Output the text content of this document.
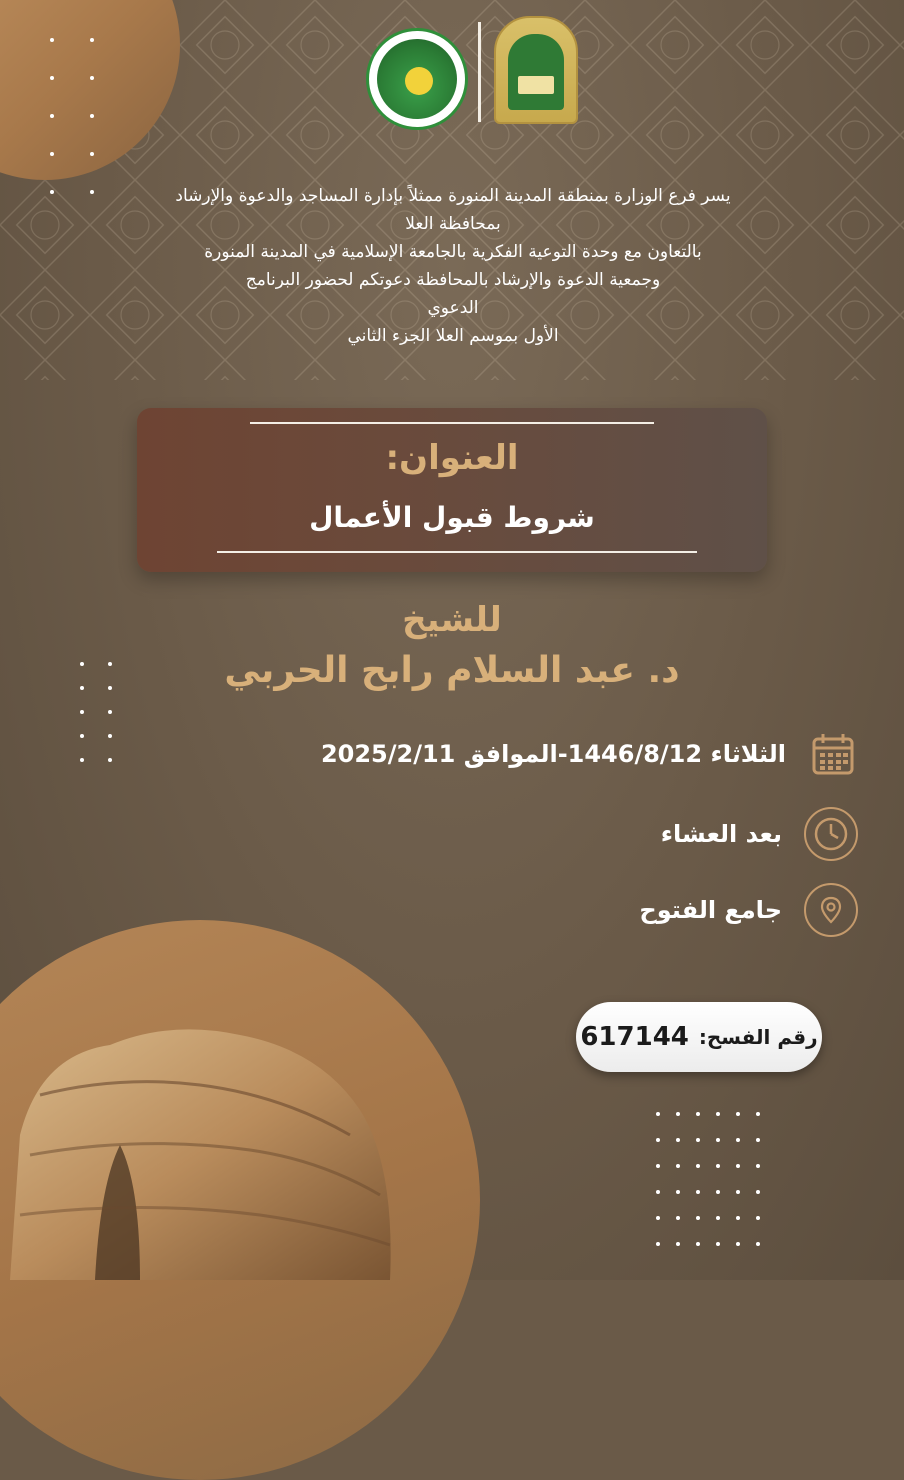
يسر فرع الوزارة بمنطقة المدينة المنورة ممثلاً بإدارة المساجد والدعوة والإرشاد
بمحافظة العلا
بالتعاون مع وحدة التوعية الفكرية بالجامعة الإسلامية في المدينة المنورة
وجمعية الدعوة والإرشاد بالمحافظة دعوتكم لحضور البرنامج
الدعوي
الأول بموسم العلا الجزء الثاني
العنوان:
شروط قبول الأعمال
للشيخ
د. عبد السلام رابح الحربي
الثلاثاء 1446/8/12-الموافق 2025/2/11
بعد العشاء
جامع الفتوح
رقم الفسح:
617144
